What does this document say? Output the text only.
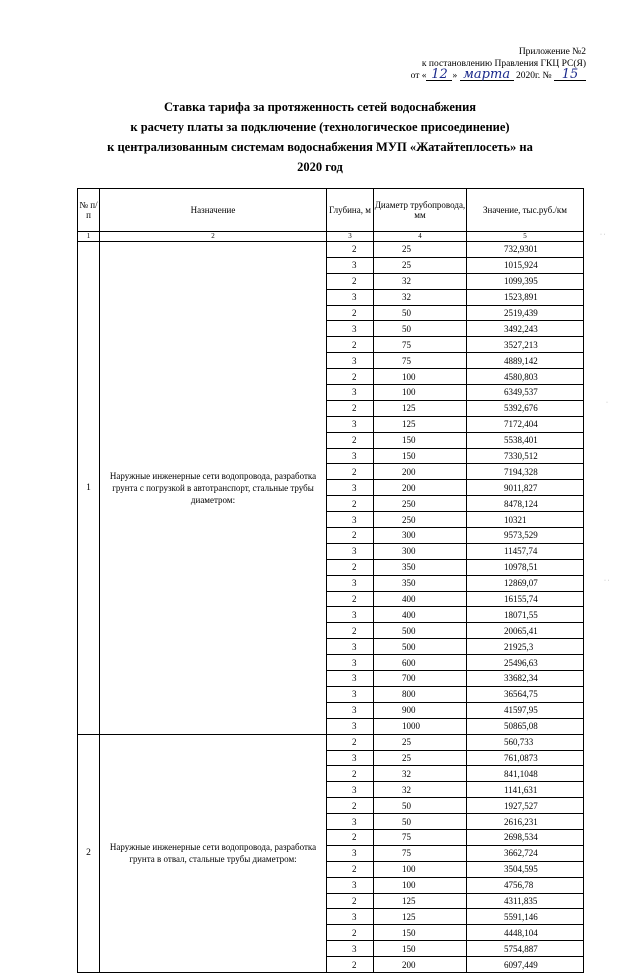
Приложение №2
к постановлению Правления ГКЦ РС(Я)
от « 12 » марта 2020г. № 15
Ставка тарифа за протяженность сетей водоснабжения
к расчету платы за подключение (технологическое присоединение)
к централизованным системам водоснабжения МУП «Жатайтеплосеть» на
2020 год
№ п/п	Назначение	Глубина, м	Диаметр трубопровода, мм	Значение, тыс.руб./км
1	2	3	4	5
1	Наружные инженерные сети водопровода, разработка грунта с погрузкой в автотранспорт, стальные трубы диаметром:	2	25	732,9301
		3	25	1015,924
		2	32	1099,395
		3	32	1523,891
		2	50	2519,439
		3	50	3492,243
		2	75	3527,213
		3	75	4889,142
		2	100	4580,803
		3	100	6349,537
		2	125	5392,676
		3	125	7172,404
		2	150	5538,401
		3	150	7330,512
		2	200	7194,328
		3	200	9011,827
		2	250	8478,124
		3	250	10321
		2	300	9573,529
		3	300	11457,74
		2	350	10978,51
		3	350	12869,07
		2	400	16155,74
		3	400	18071,55
		2	500	20065,41
		3	500	21925,3
		3	600	25496,63
		3	700	33682,34
		3	800	36564,75
		3	900	41597,95
		3	1000	50865,08
2	Наружные инженерные сети водопровода, разработка грунта в отвал, стальные трубы диаметром:	2	25	560,733
		3	25	761,0873
		2	32	841,1048
		3	32	1141,631
		2	50	1927,527
		3	50	2616,231
		2	75	2698,534
		3	75	3662,724
		2	100	3504,595
		3	100	4756,78
		2	125	4311,835
		3	125	5591,146
		2	150	4448,104
		3	150	5754,887
		2	200	6097,449
· ·
·
· ·
